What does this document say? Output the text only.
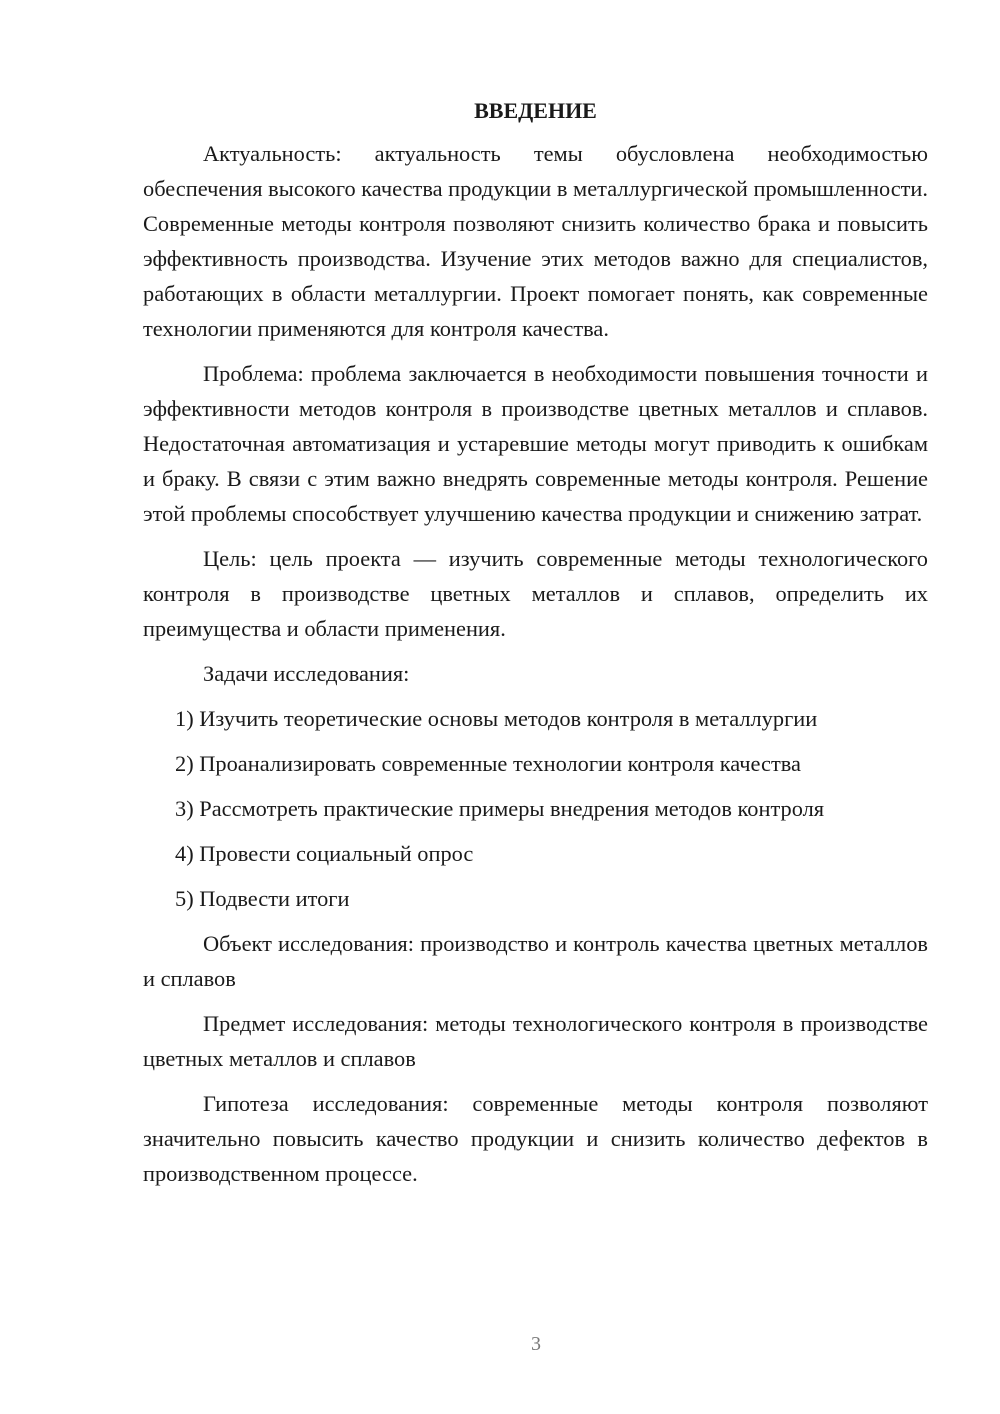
ВВЕДЕНИЕ

Актуальность: актуальность темы обусловлена необходимостью обеспечения высокого качества продукции в металлургической промышленности. Современные методы контроля позволяют снизить количество брака и повысить эффективность производства. Изучение этих методов важно для специалистов, работающих в области металлургии. Проект помогает понять, как современные технологии применяются для контроля качества.

Проблема: проблема заключается в необходимости повышения точности и эффективности методов контроля в производстве цветных металлов и сплавов. Недостаточная автоматизация и устаревшие методы могут приводить к ошибкам и браку. В связи с этим важно внедрять современные методы контроля. Решение этой проблемы способствует улучшению качества продукции и снижению затрат.

Цель: цель проекта — изучить современные методы технологического контроля в производстве цветных металлов и сплавов, определить их преимущества и области применения.

Задачи исследования:

1) Изучить теоретические основы методов контроля в металлургии

2) Проанализировать современные технологии контроля качества

3) Рассмотреть практические примеры внедрения методов контроля

4) Провести социальный опрос

5) Подвести итоги

Объект исследования: производство и контроль качества цветных металлов и сплавов

Предмет исследования: методы технологического контроля в производстве цветных металлов и сплавов

Гипотеза исследования: современные методы контроля позволяют значительно повысить качество продукции и снизить количество дефектов в производственном процессе.

3
